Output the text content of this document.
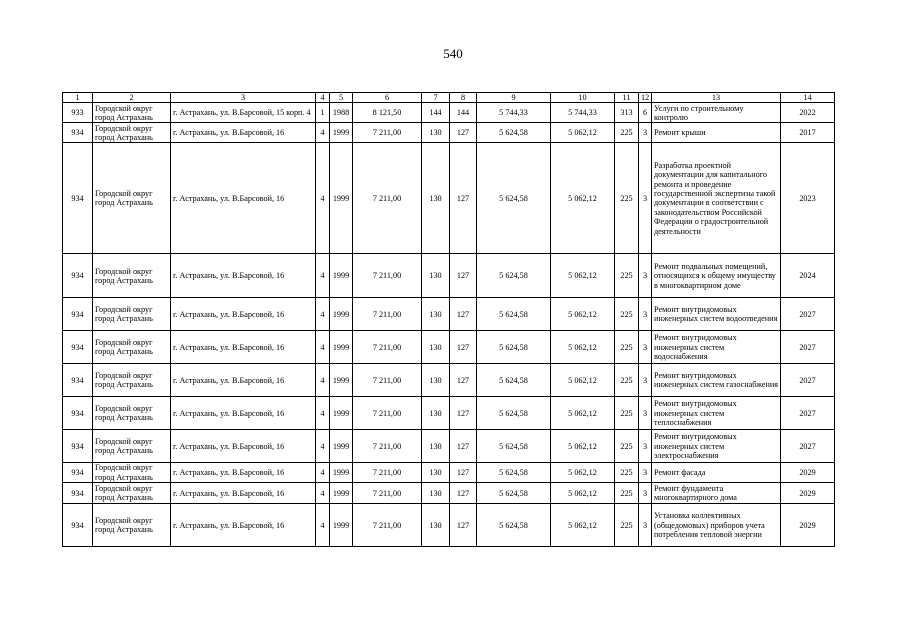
540
1	2	3	4	5	6	7	8	9	10	11	12	13	14
933	Городской округ город Астрахань	г. Астрахань, ул. В.Барсовой, 15 корп. 4	1	1988	8 121,50	144	144	5 744,33	5 744,33	313	6	Услуги по строительному контролю	2022
934	Городской округ город Астрахань	г. Астрахань, ул. В.Барсовой, 16	4	1999	7 211,00	130	127	5 624,58	5 062,12	225	3	Ремонт крыши	2017
934	Городской округ город Астрахань	г. Астрахань, ул. В.Барсовой, 16	4	1999	7 211,00	130	127	5 624,58	5 062,12	225	3	Разработка проектной документации для капитального ремонта и проведение государственной экспертизы такой документации в соответствии с законодательством Российской Федерации о градостроительной деятельности	2023
934	Городской округ город Астрахань	г. Астрахань, ул. В.Барсовой, 16	4	1999	7 211,00	130	127	5 624,58	5 062,12	225	3	Ремонт подвальных помещений, относящихся к общему имуществу в многоквартирном доме	2024
934	Городской округ город Астрахань	г. Астрахань, ул. В.Барсовой, 16	4	1999	7 211,00	130	127	5 624,58	5 062,12	225	3	Ремонт внутридомовых инженерных систем водоотведения	2027
934	Городской округ город Астрахань	г. Астрахань, ул. В.Барсовой, 16	4	1999	7 211,00	130	127	5 624,58	5 062,12	225	3	Ремонт внутридомовых инженерных систем водоснабжения	2027
934	Городской округ город Астрахань	г. Астрахань, ул. В.Барсовой, 16	4	1999	7 211,00	130	127	5 624,58	5 062,12	225	3	Ремонт внутридомовых инженерных систем газоснабжения	2027
934	Городской округ город Астрахань	г. Астрахань, ул. В.Барсовой, 16	4	1999	7 211,00	130	127	5 624,58	5 062,12	225	3	Ремонт внутридомовых инженерных систем теплоснабжения	2027
934	Городской округ город Астрахань	г. Астрахань, ул. В.Барсовой, 16	4	1999	7 211,00	130	127	5 624,58	5 062,12	225	3	Ремонт внутридомовых инженерных систем электроснабжения	2027
934	Городской округ город Астрахань	г. Астрахань, ул. В.Барсовой, 16	4	1999	7 211,00	130	127	5 624,58	5 062,12	225	3	Ремонт фасада	2029
934	Городской округ город Астрахань	г. Астрахань, ул. В.Барсовой, 16	4	1999	7 211,00	130	127	5 624,58	5 062,12	225	3	Ремонт фундамента многоквартирного дома	2029
934	Городской округ город Астрахань	г. Астрахань, ул. В.Барсовой, 16	4	1999	7 211,00	130	127	5 624,58	5 062,12	225	3	Установка коллективных (общедомовых) приборов учета потребления тепловой энергии	2029
